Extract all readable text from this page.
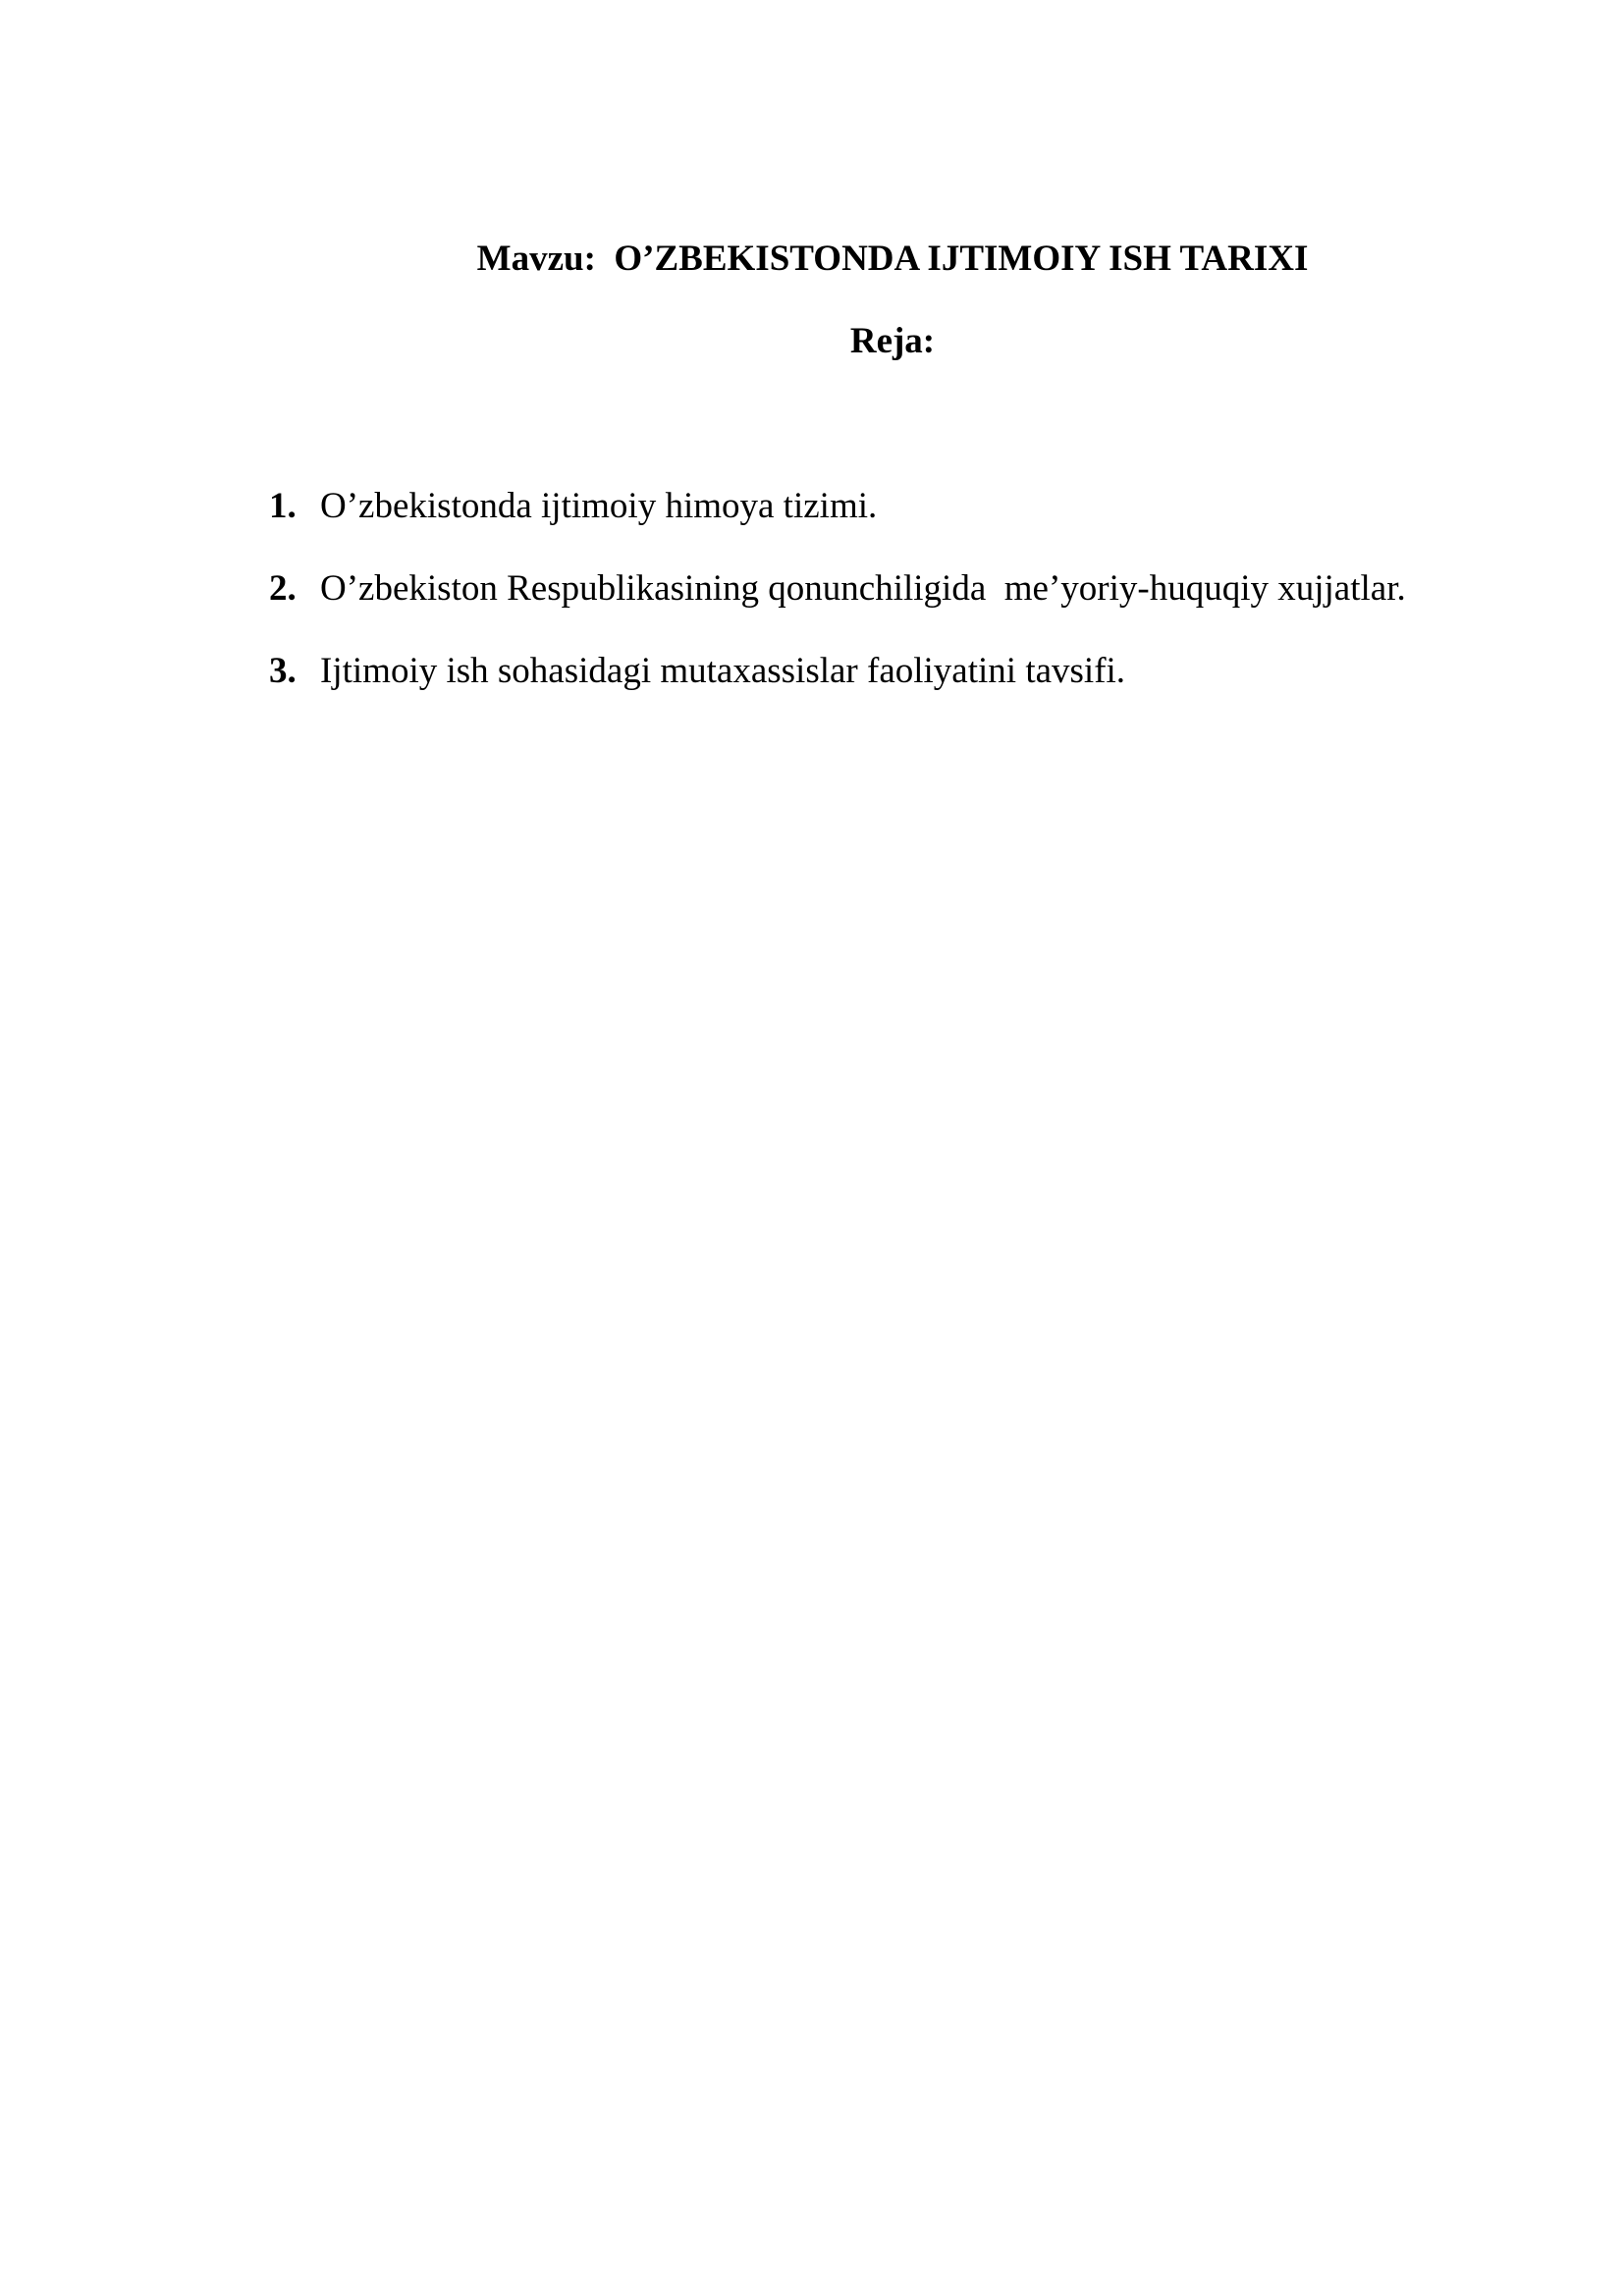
Mavzu:  O’ZBEKISTONDA IJTIMOIY ISH TARIXI
Reja:
1. O’zbekistonda ijtimoiy himoya tizimi.
2. O’zbekiston Respublikasining qonunchiligida  me’yoriy-huquqiy xujjatlar.
3. Ijtimoiy ish sohasidagi mutaxassislar faoliyatini tavsifi.
